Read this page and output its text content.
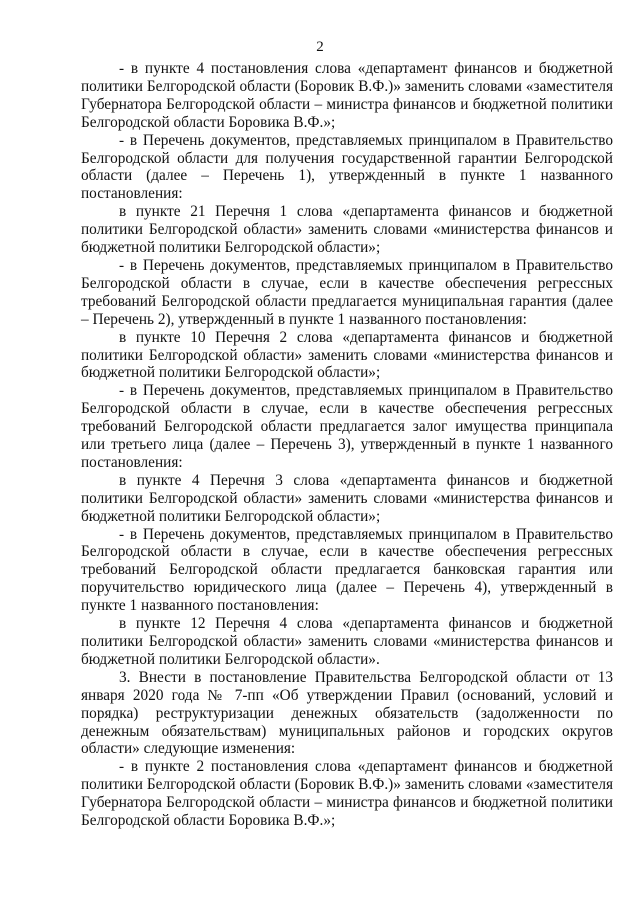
2

- в пункте 4 постановления слова «департамент финансов и бюджетной политики Белгородской области (Боровик В.Ф.)» заменить словами «заместителя Губернатора Белгородской области – министра финансов и бюджетной политики Белгородской области Боровика В.Ф.»;

- в Перечень документов, представляемых принципалом в Правительство Белгородской области для получения государственной гарантии Белгородской области (далее – Перечень 1), утвержденный в пункте 1 названного постановления:

в пункте 21 Перечня 1 слова «департамента финансов и бюджетной политики Белгородской области» заменить словами «министерства финансов и бюджетной политики Белгородской области»;

- в Перечень документов, представляемых принципалом в Правительство Белгородской области в случае, если в качестве обеспечения регрессных требований Белгородской области предлагается муниципальная гарантия (далее – Перечень 2), утвержденный в пункте 1 названного постановления:

в пункте 10 Перечня 2 слова «департамента финансов и бюджетной политики Белгородской области» заменить словами «министерства финансов и бюджетной политики Белгородской области»;

- в Перечень документов, представляемых принципалом в Правительство Белгородской области в случае, если в качестве обеспечения регрессных требований Белгородской области предлагается залог имущества принципала или третьего лица (далее – Перечень 3), утвержденный в пункте 1 названного постановления:

в пункте 4 Перечня 3 слова «департамента финансов и бюджетной политики Белгородской области» заменить словами «министерства финансов и бюджетной политики Белгородской области»;

- в Перечень документов, представляемых принципалом в Правительство Белгородской области в случае, если в качестве обеспечения регрессных требований Белгородской области предлагается банковская гарантия или поручительство юридического лица (далее – Перечень 4), утвержденный в пункте 1 названного постановления:

в пункте 12 Перечня 4 слова «департамента финансов и бюджетной политики Белгородской области» заменить словами «министерства финансов и бюджетной политики Белгородской области».

3. Внести в постановление Правительства Белгородской области от 13 января 2020 года № 7-пп «Об утверждении Правил (оснований, условий и порядка) реструктуризации денежных обязательств (задолженности по денежным обязательствам) муниципальных районов и городских округов области» следующие изменения:

- в пункте 2 постановления слова «департамент финансов и бюджетной политики Белгородской области (Боровик В.Ф.)» заменить словами «заместителя Губернатора Белгородской области – министра финансов и бюджетной политики Белгородской области Боровика В.Ф.»;
